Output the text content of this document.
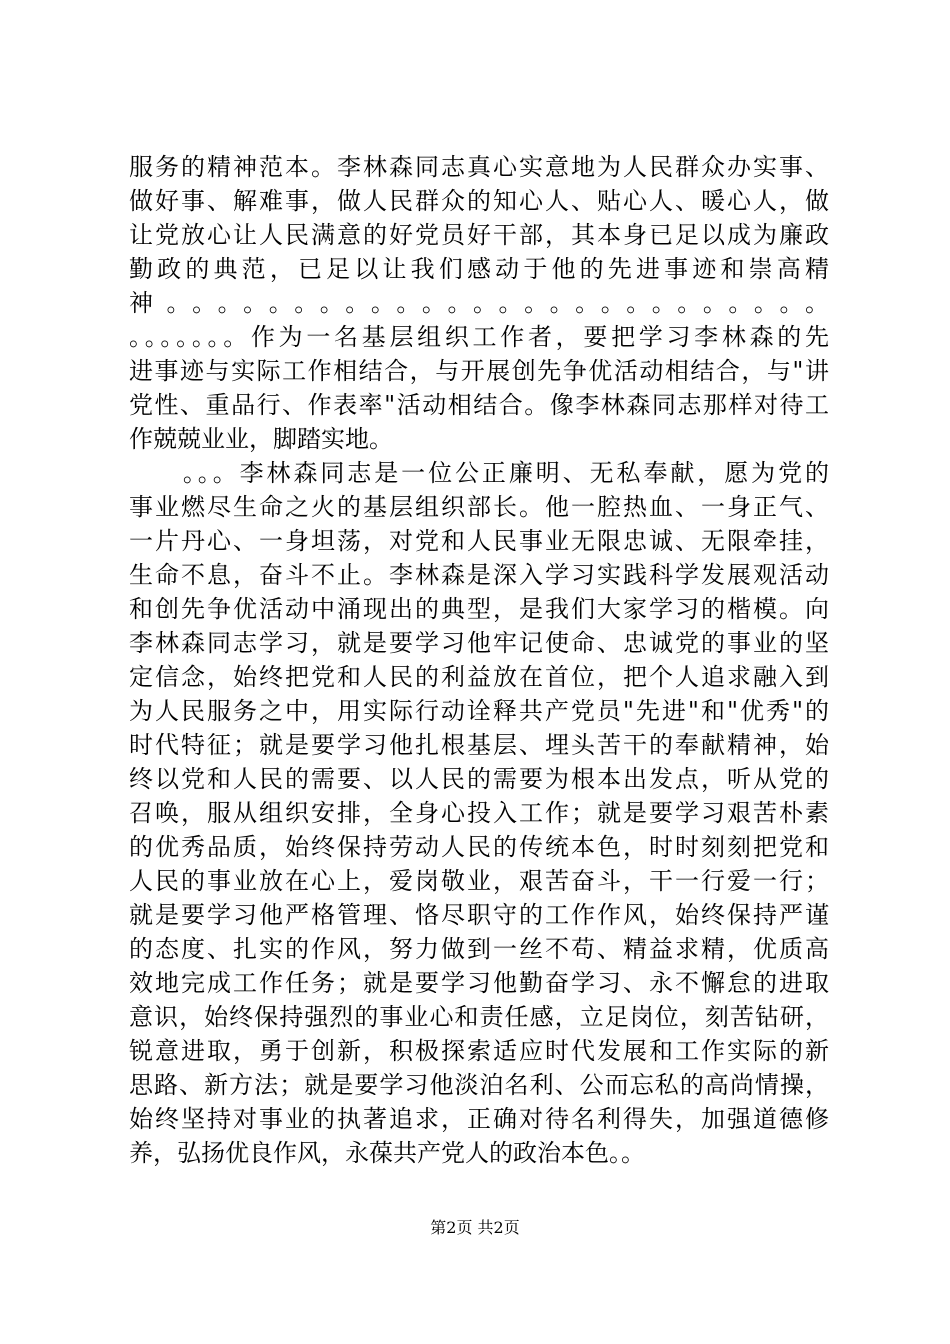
服务的精神范本。李林森同志真心实意地为人民群众办实事、
做好事、解难事，做人民群众的知心人、贴心人、暖心人，做
让党放心让人民满意的好党员好干部，其本身已足以成为廉政
勤政的典范，已足以让我们感动于他的先进事迹和崇高精
神。。。。。。。。。。。。。。。。。。。。。。。。。。
。。。。。。。作为一名基层组织工作者，要把学习李林森的先
进事迹与实际工作相结合，与开展创先争优活动相结合，与"讲
党性、重品行、作表率"活动相结合。像李林森同志那样对待工
作兢兢业业，脚踏实地。
　　。。。李林森同志是一位公正廉明、无私奉献，愿为党的
事业燃尽生命之火的基层组织部长。他一腔热血、一身正气、
一片丹心、一身坦荡，对党和人民事业无限忠诚、无限牵挂，
生命不息，奋斗不止。李林森是深入学习实践科学发展观活动
和创先争优活动中涌现出的典型，是我们大家学习的楷模。向
李林森同志学习，就是要学习他牢记使命、忠诚党的事业的坚
定信念，始终把党和人民的利益放在首位，把个人追求融入到
为人民服务之中，用实际行动诠释共产党员"先进"和"优秀"的
时代特征；就是要学习他扎根基层、埋头苦干的奉献精神，始
终以党和人民的需要、以人民的需要为根本出发点，听从党的
召唤，服从组织安排，全身心投入工作；就是要学习艰苦朴素
的优秀品质，始终保持劳动人民的传统本色，时时刻刻把党和
人民的事业放在心上，爱岗敬业，艰苦奋斗，干一行爱一行；
就是要学习他严格管理、恪尽职守的工作作风，始终保持严谨
的态度、扎实的作风，努力做到一丝不苟、精益求精，优质高
效地完成工作任务；就是要学习他勤奋学习、永不懈怠的进取
意识，始终保持强烈的事业心和责任感，立足岗位，刻苦钻研，
锐意进取，勇于创新，积极探索适应时代发展和工作实际的新
思路、新方法；就是要学习他淡泊名利、公而忘私的高尚情操，
始终坚持对事业的执著追求，正确对待名利得失，加强道德修
养，弘扬优良作风，永葆共产党人的政治本色。。
第2页 共2页
